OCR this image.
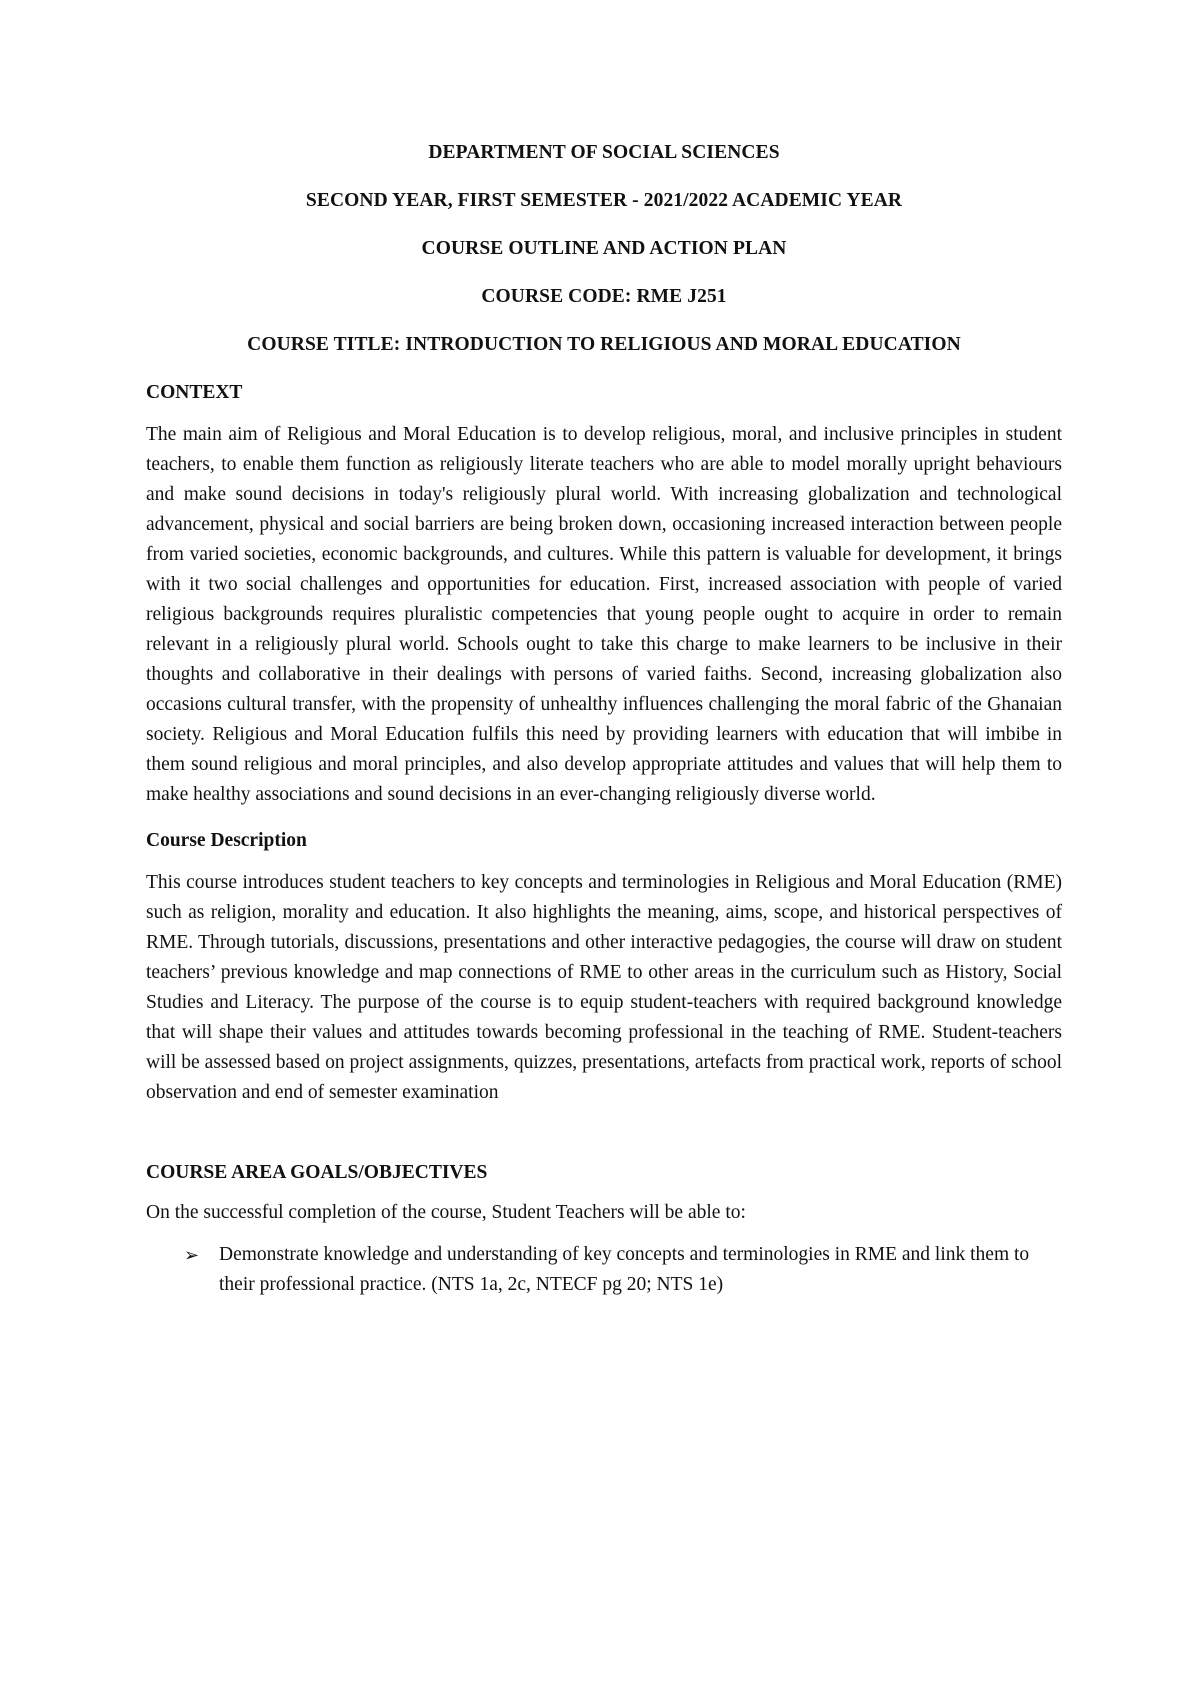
DEPARTMENT OF SOCIAL SCIENCES
SECOND YEAR, FIRST SEMESTER - 2021/2022 ACADEMIC YEAR
COURSE OUTLINE AND ACTION PLAN
COURSE CODE: RME J251
COURSE TITLE: INTRODUCTION TO RELIGIOUS AND MORAL EDUCATION
CONTEXT

The main aim of Religious and Moral Education is to develop religious, moral, and inclusive principles in student teachers, to enable them function as religiously literate teachers who are able to model morally upright behaviours and make sound decisions in today's religiously plural world. With increasing globalization and technological advancement, physical and social barriers are being broken down, occasioning increased interaction between people from varied societies, economic backgrounds, and cultures. While this pattern is valuable for development, it brings with it two social challenges and opportunities for education. First, increased association with people of varied religious backgrounds requires pluralistic competencies that young people ought to acquire in order to remain relevant in a religiously plural world. Schools ought to take this charge to make learners to be inclusive in their thoughts and collaborative in their dealings with persons of varied faiths. Second, increasing globalization also occasions cultural transfer, with the propensity of unhealthy influences challenging the moral fabric of the Ghanaian society. Religious and Moral Education fulfils this need by providing learners with education that will imbibe in them sound religious and moral principles, and also develop appropriate attitudes and values that will help them to make healthy associations and sound decisions in an ever-changing religiously diverse world.

Course Description

This course introduces student teachers to key concepts and terminologies in Religious and Moral Education (RME) such as religion, morality and education. It also highlights the meaning, aims, scope, and historical perspectives of RME. Through tutorials, discussions, presentations and other interactive pedagogies, the course will draw on student teachers’ previous knowledge and map connections of RME to other areas in the curriculum such as History, Social Studies and Literacy. The purpose of the course is to equip student-teachers with required background knowledge that will shape their values and attitudes towards becoming professional in the teaching of RME. Student-teachers will be assessed based on project assignments, quizzes, presentations, artefacts from practical work, reports of school observation and end of semester examination

COURSE AREA GOALS/OBJECTIVES

On the successful completion of the course, Student Teachers will be able to:

➢ Demonstrate knowledge and understanding of key concepts and terminologies in RME and link them to their professional practice. (NTS 1a, 2c, NTECF pg 20; NTS 1e)
